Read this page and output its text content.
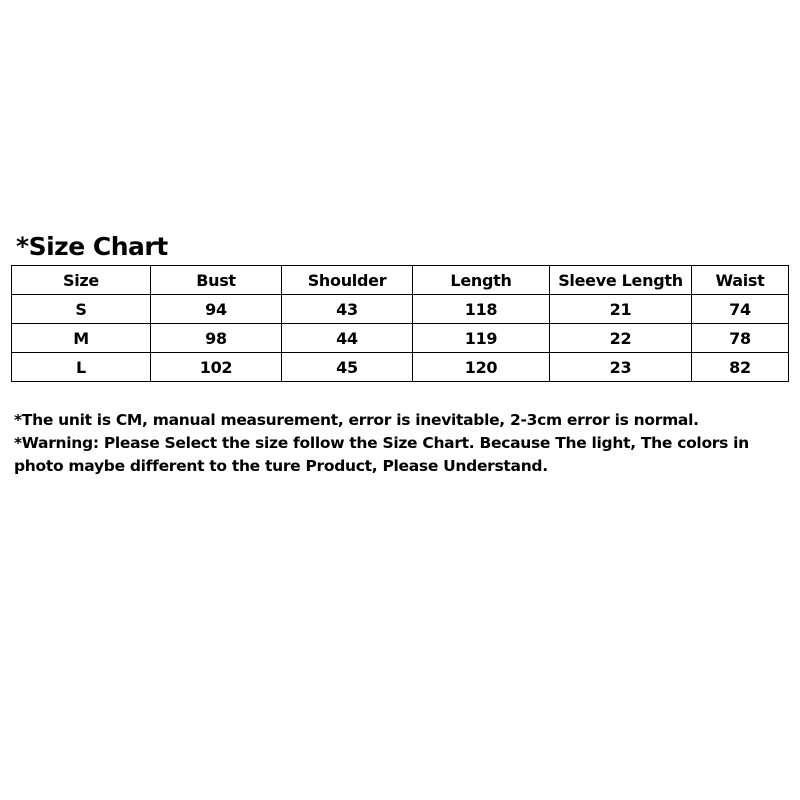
*Size Chart
Size	Bust	Shoulder	Length	Sleeve Length	Waist
S	94	43	118	21	74
M	98	44	119	22	78
L	102	45	120	23	82

*The unit is CM, manual measurement, error is inevitable, 2-3cm error is normal.

*Warning: Please Select the size follow the Size Chart. Because The light, The colors in photo maybe different to the ture Product, Please Understand.
